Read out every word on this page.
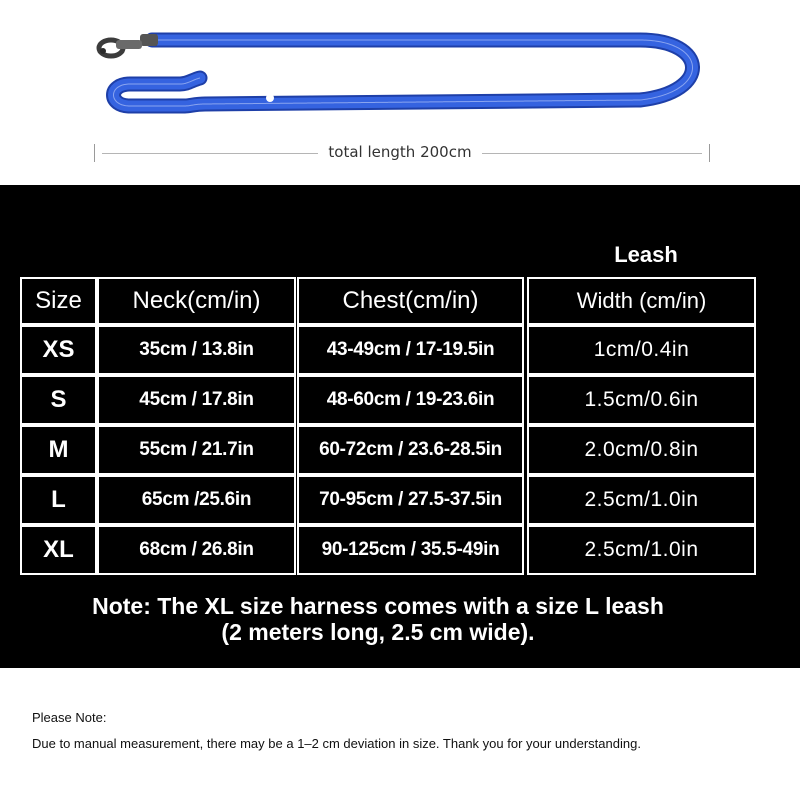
total length 200cm
Leash
Size	Neck(cm/in)	Chest(cm/in)	Width (cm/in)
XS	35cm / 13.8in	43-49cm / 17-19.5in	1cm/0.4in
S	45cm / 17.8in	48-60cm / 19-23.6in	1.5cm/0.6in
M	55cm / 21.7in	60-72cm / 23.6-28.5in	2.0cm/0.8in
L	65cm /25.6in	70-95cm / 27.5-37.5in	2.5cm/1.0in
XL	68cm / 26.8in	90-125cm / 35.5-49in	2.5cm/1.0in
Note: The XL size harness comes with a size L leash
(2 meters long, 2.5 cm wide).
Please Note:
Due to manual measurement, there may be a 1–2 cm deviation in size. Thank you for your understanding.
